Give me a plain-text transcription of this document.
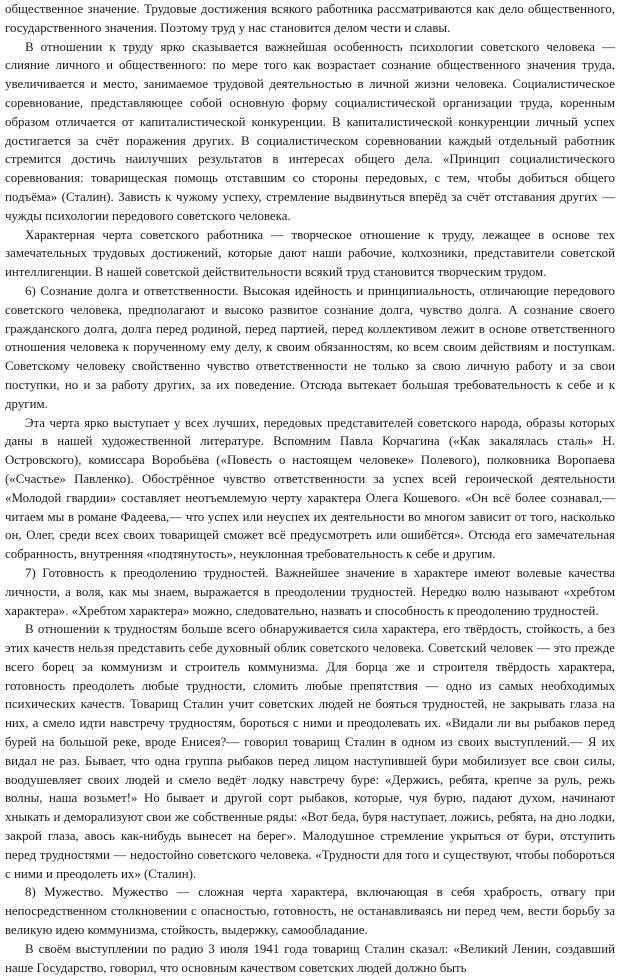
общественное значение. Трудовые достижения всякого работника рассматриваются как дело общественного, государственного значения. Поэтому труд у нас становится делом чести и славы.

В отношении к труду ярко сказывается важнейшая особенность психологии советского человека — слияние личного и общественного: по мере того как возрастает сознание общественного значения труда, увеличивается и место, занимаемое трудовой деятельностью в личной жизни человека. Социалистическое соревнование, представляющее собой основную форму социалистической организации труда, коренным образом отличается от капиталистической конкуренции. В капиталистической конкуренции личный успех достигается за счёт поражения других. В социалистическом соревновании каждый отдельный работник стремится достичь наилучших результатов в интересах общего дела. «Принцип социалистического соревнования: товарищеская помощь отставшим со стороны передовых, с тем, чтобы добиться общего подъёма» (Сталин). Зависть к чужому успеху, стремление выдвинуться вперёд за счёт отставания других — чужды психологии передового советского человека.

Характерная черта советского работника — творческое отношение к труду, лежащее в основе тех замечательных трудовых достижений, которые дают наши рабочие, колхозники, представители советской интеллигенции. В нашей советской действительности всякий труд становится творческим трудом.

6) Сознание долга и ответственности. Высокая идейность и принципиальность, отличающие передового советского человека, предполагают и высоко развитое сознание долга, чувство долга. А сознание своего гражданского долга, долга перед родиной, перед партией, перед коллективом лежит в основе ответственного отношения человека к порученному ему делу, к своим обязанностям, ко всем своим действиям и поступкам. Советскому человеку свойственно чувство ответственности не только за свою личную работу и за свои поступки, но и за работу других, за их поведение. Отсюда вытекает большая требовательность к себе и к другим.

Эта черта ярко выступает у всех лучших, передовых представителей советского народа, образы которых даны в нашей художественной литературе. Вспомним Павла Корчагина («Как закалялась сталь» Н. Островского), комиссара Воробьёва («Повесть о настоящем человеке» Полевого), полковника Воропаева («Счастье» Павленко). Обострённое чувство ответственности за успех всей героической деятельности «Молодой гвардии» составляет неотъемлемую черту характера Олега Кошевого. «Он всё более сознавал,— читаем мы в романе Фадеева,— что успех или неуспех их деятельности во многом зависит от того, насколько он, Олег, среди всех своих товарищей сможет всё предусмотреть или ошибётся». Отсюда его замечательная собранность, внутренняя «подтянутость», неуклонная требовательность к себе и другим.

7) Готовность к преодолению трудностей. Важнейшее значение в характере имеют волевые качества личности, а воля, как мы знаем, выражается в преодолении трудностей. Нередко волю называют «хребтом характера». «Хребтом характера» можно, следовательно, назвать и способность к преодолению трудностей.

В отношении к трудностям больше всего обнаруживается сила характера, его твёрдость, стойкость, а без этих качеств нельзя представить себе духовный облик советского человека. Советский человек — это прежде всего борец за коммунизм и строитель коммунизма. Для борца же и строителя твёрдость характера, готовность преодолеть любые трудности, сломить любые препятствия — одно из самых необходимых психических качеств. Товарищ Сталин учит советских людей не бояться трудностей, не закрывать глаза на них, а смело идти навстречу трудностям, бороться с ними и преодолевать их. «Видали ли вы рыбаков перед бурей на большой реке, вроде Енисея?— говорил товарищ Сталин в одном из своих выступлений.— Я их видал не раз. Бывает, что одна группа рыбаков перед лицом наступившей бури мобилизует все свои силы, воодушевляет своих людей и смело ведёт лодку навстречу буре: «Держись, ребята, крепче за руль, режь волны, наша возьмет!» Но бывает и другой сорт рыбаков, которые, чуя бурю, падают духом, начинают хныкать и деморализуют свои же собственные ряды: «Вот беда, буря наступает, ложись, ребята, на дно лодки, закрой глаза, авось как-нибудь вынесет на берег». Малодушное стремление укрыться от бури, отступить перед трудностями — недостойно советского человека. «Трудности для того и существуют, чтобы побороться с ними и преодолеть их» (Сталин).

8) Мужество. Мужество — сложная черта характера, включающая в себя храбрость, отвагу при непосредственном столкновении с опасностью, готовность, не останавливаясь ни перед чем, вести борьбу за великую идею коммунизма, стойкость, выдержку, самообладание.

В своём выступлении по радио 3 июля 1941 года товарищ Сталин сказал: «Великий Ленин, создавший наше Государство, говорил, что основным качеством советских людей должно быть
